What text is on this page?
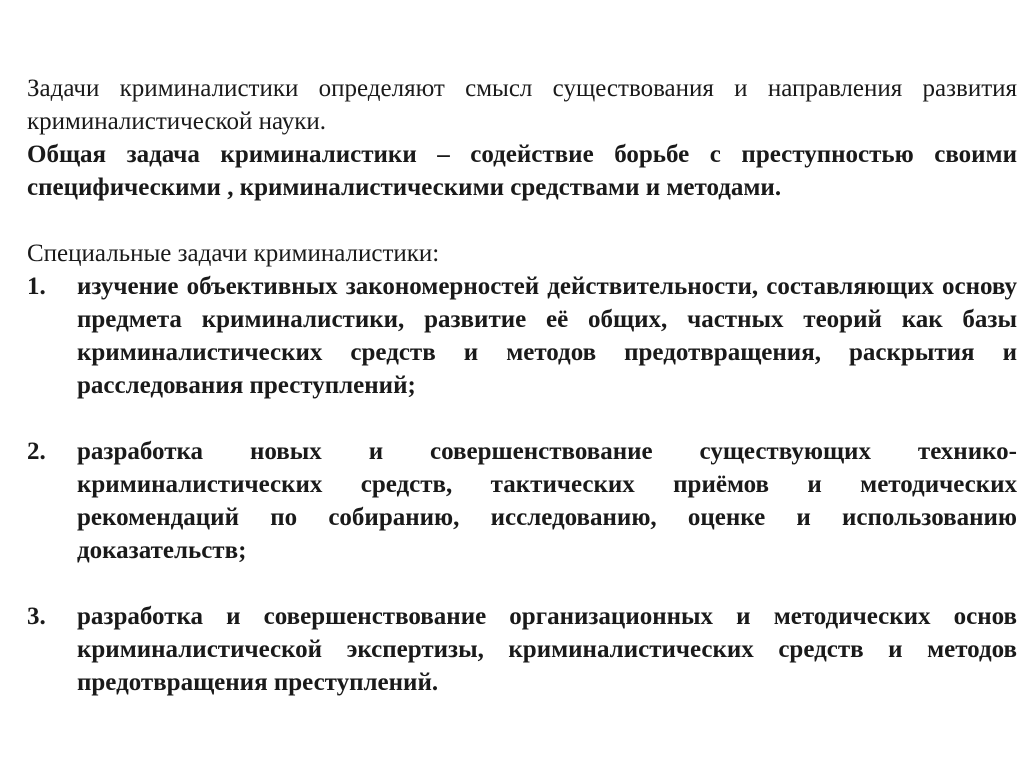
Задачи криминалистики определяют смысл существования и направления развития криминалистической науки.

Общая задача криминалистики – содействие борьбе с преступностью своими специфическими , криминалистическими средствами и методами.

Специальные задачи криминалистики:

1.	изучение объективных закономерностей действительности, составляющих основу предмета криминалистики, развитие её общих, частных теорий как базы криминалистических средств и методов предотвращения, раскрытия и расследования преступлений;
2.	разработка новых и совершенствование существующих технико-криминалистических средств, тактических приёмов и методических рекомендаций по собиранию, исследованию, оценке и использованию доказательств;
3.	разработка и совершенствование организационных и методических основ криминалистической экспертизы, криминалистических средств и методов предотвращения преступлений.
